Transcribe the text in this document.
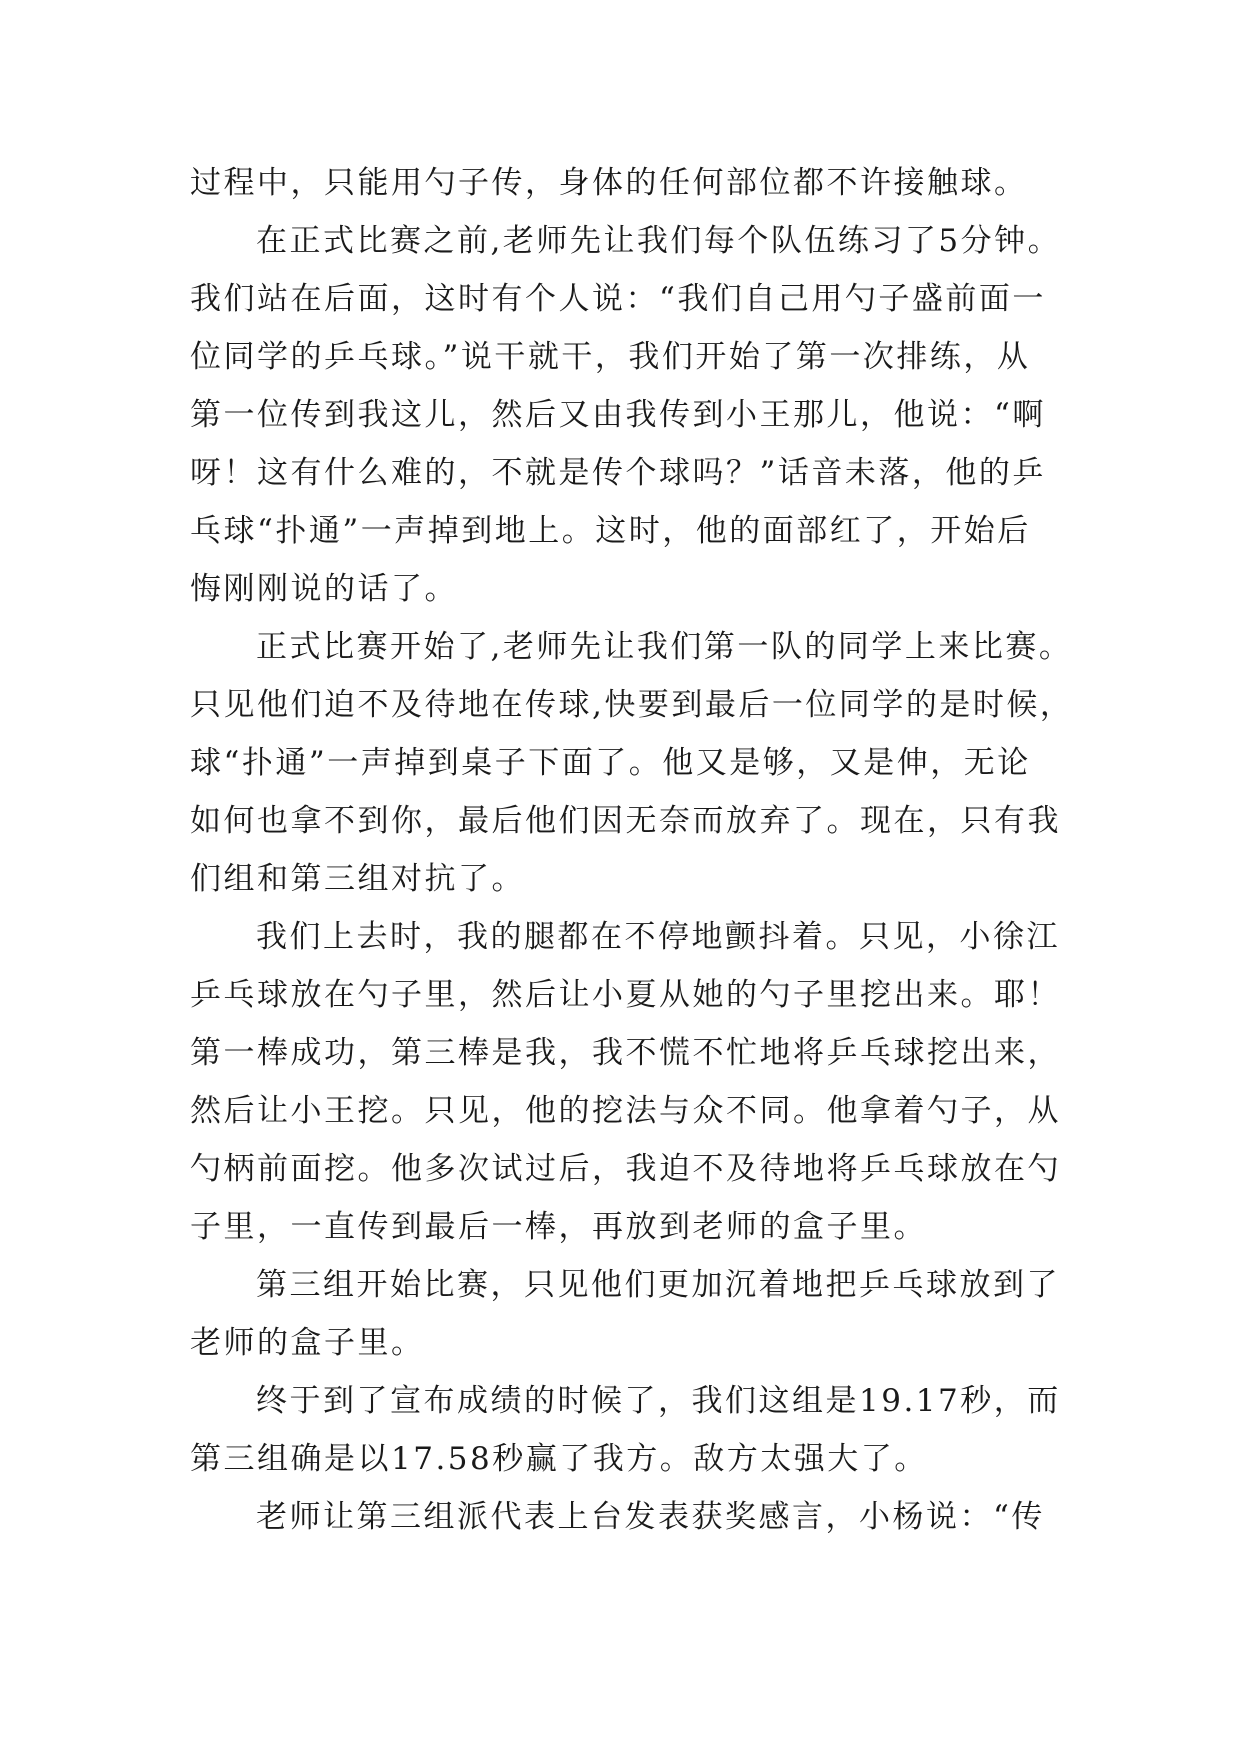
过程中，只能用勺子传，身体的任何部位都不许接触球。
在正式比赛之前,老师先让我们每个队伍练习了5分钟。
我们站在后面，这时有个人说：“我们自己用勺子盛前面一
位同学的乒乓球。”说干就干，我们开始了第一次排练，从
第一位传到我这儿，然后又由我传到小王那儿，他说：“啊
呀！这有什么难的，不就是传个球吗？”话音未落，他的乒
乓球“扑通”一声掉到地上。这时，他的面部红了，开始后
悔刚刚说的话了。
正式比赛开始了,老师先让我们第一队的同学上来比赛。
只见他们迫不及待地在传球,快要到最后一位同学的是时候，
球“扑通”一声掉到桌子下面了。他又是够，又是伸，无论
如何也拿不到你，最后他们因无奈而放弃了。现在，只有我
们组和第三组对抗了。
我们上去时，我的腿都在不停地颤抖着。只见，小徐江
乒乓球放在勺子里，然后让小夏从她的勺子里挖出来。耶！
第一棒成功，第三棒是我，我不慌不忙地将乒乓球挖出来，
然后让小王挖。只见，他的挖法与众不同。他拿着勺子，从
勺柄前面挖。他多次试过后，我迫不及待地将乒乓球放在勺
子里，一直传到最后一棒，再放到老师的盒子里。
第三组开始比赛，只见他们更加沉着地把乒乓球放到了
老师的盒子里。
终于到了宣布成绩的时候了，我们这组是19.17秒，而
第三组确是以17.58秒赢了我方。敌方太强大了。
老师让第三组派代表上台发表获奖感言，小杨说：“传
